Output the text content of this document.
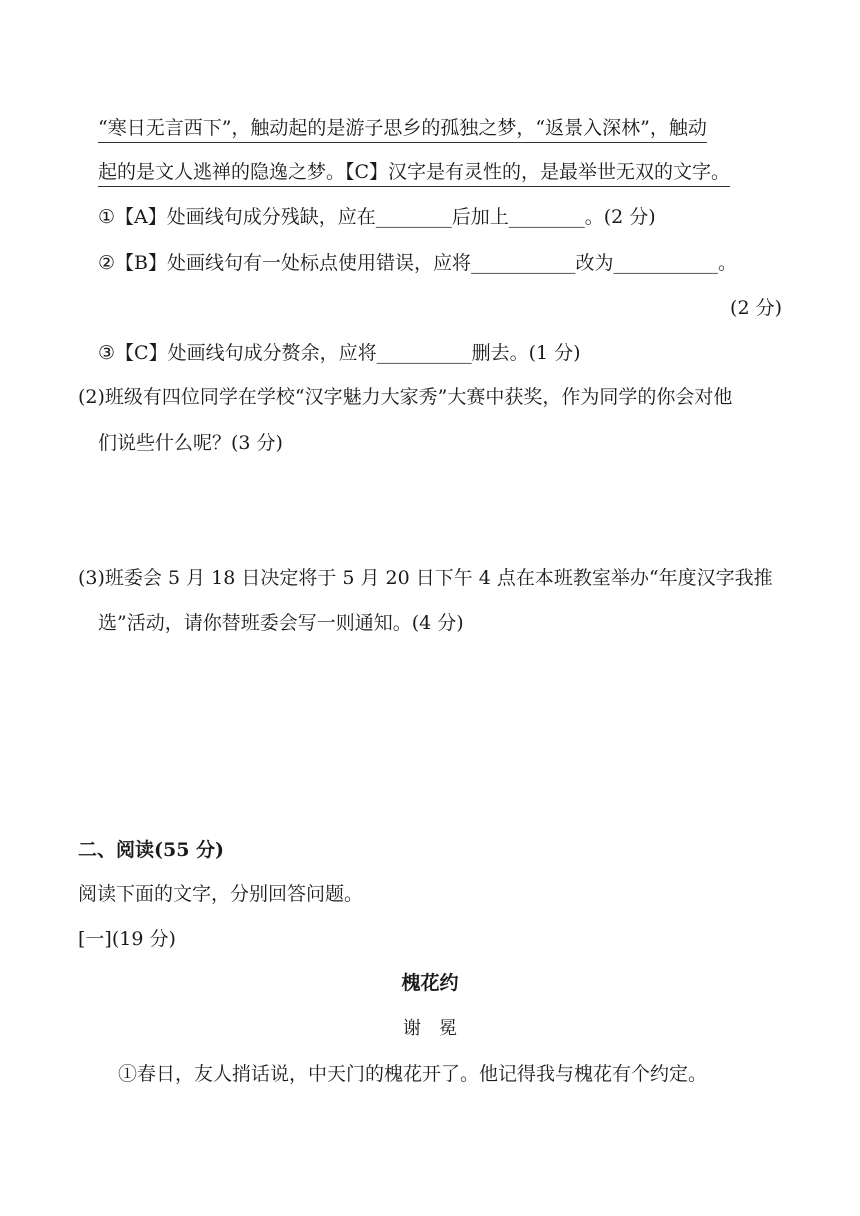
“寒日无言西下”，触动起的是游子思乡的孤独之梦，“返景入深林”，触动
起的是文人逃禅的隐逸之梦。【C】汉字是有灵性的，是最举世无双的文字。
①【A】处画线句成分残缺，应在________后加上________。(2 分)
②【B】处画线句有一处标点使用错误，应将___________改为___________。
(2 分)
③【C】处画线句成分赘余，应将__________删去。(1 分)
(2)班级有四位同学在学校“汉字魅力大家秀”大赛中获奖，作为同学的你会对他
们说些什么呢？(3 分)
(3)班委会 5 月 18 日决定将于 5 月 20 日下午 4 点在本班教室举办“年度汉字我推
选”活动，请你替班委会写一则通知。(4 分)
二、阅读(55 分)
阅读下面的文字，分别回答问题。
[一](19 分)
槐花约
谢　冕
①春日，友人捎话说，中天门的槐花开了。他记得我与槐花有个约定。
